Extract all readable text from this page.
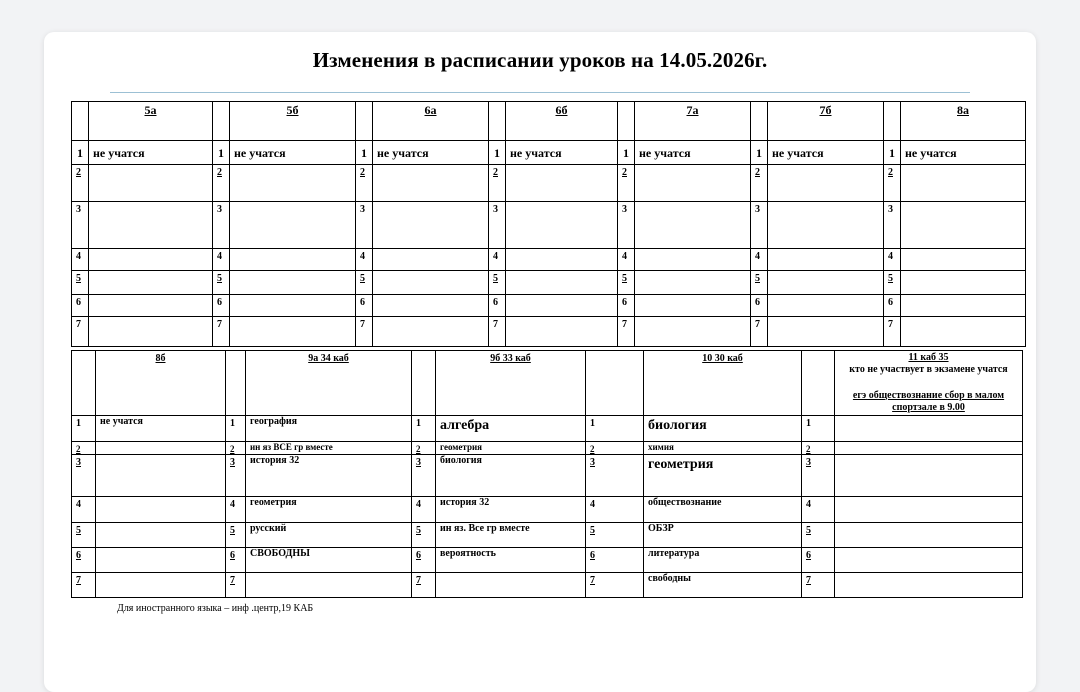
Изменения в расписании уроков на 14.05.2026г.
	5а		5б		6а		6б		7а		7б		8а
1	не учатся	1	не учатся	1	не учатся	1	не учатся	1	не учатся	1	не учатся	1	не учатся
2		2		2		2		2		2		2	
3		3		3		3		3		3		3	
4		4		4		4		4		4		4	
5		5		5		5		5		5		5	
6		6		6		6		6		6		6	
7		7		7		7		7		7		7	
	8б		9а 34 каб		9б 33 каб		10 30 каб		11 каб 35
кто не участвует в экзамене учатся
егэ обществознание сбор в малом спортзале в 9.00

1	не учатся	1	география	1	алгебра	1	биология	1	
2		2	ин яз ВСЕ гр вместе	2	геометрия	2	химия	2	
3		3	история 32	3	биология	3	геометрия	3	
4		4	геометрия	4	история 32	4	обществознание	4	
5		5	русский	5	ин яз. Все гр вместе	5	ОБЗР	5	
6		6	СВОБОДНЫ	6	вероятность	6	литература	6	
7		7		7		7	свободны	7	
Для иностранного языка – инф .центр,19 КАБ
